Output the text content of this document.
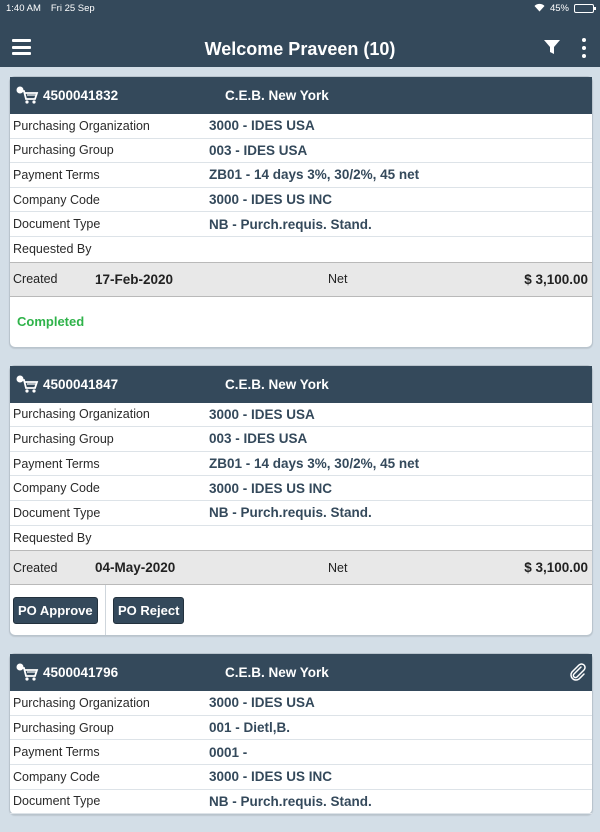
1:40 AM Fri 25 Sep	45%
Welcome Praveen (10)
4500041832	C.E.B. New York
Purchasing Organization	3000 - IDES USA
Purchasing Group	003 - IDES USA
Payment Terms	ZB01 - 14 days 3%, 30/2%, 45 net
Company Code	3000 - IDES US INC
Document Type	NB - Purch.requis. Stand.
Requested By
Created	17-Feb-2020	Net	$ 3,100.00
Completed
4500041847	C.E.B. New York
Purchasing Organization	3000 - IDES USA
Purchasing Group	003 - IDES USA
Payment Terms	ZB01 - 14 days 3%, 30/2%, 45 net
Company Code	3000 - IDES US INC
Document Type	NB - Purch.requis. Stand.
Requested By
Created	04-May-2020	Net	$ 3,100.00
PO Approve	PO Reject
4500041796	C.E.B. New York
Purchasing Organization	3000 - IDES USA
Purchasing Group	001 - Dietl,B.
Payment Terms	0001 -
Company Code	3000 - IDES US INC
Document Type	NB - Purch.requis. Stand.
